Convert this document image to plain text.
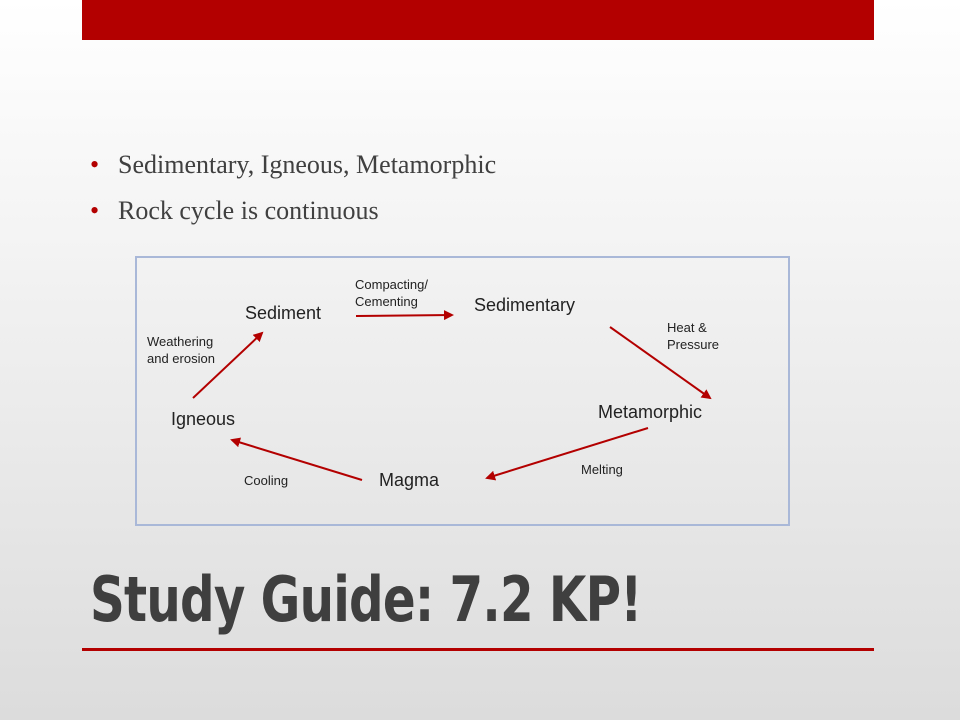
• Sedimentary, Igneous, Metamorphic
• Rock cycle is continuous
Sediment	Sedimentary
Metamorphic
Magma
Igneous
Compacting/
Cementing
Heat &
Pressure
Melting
Cooling
Weathering
and erosion
Study Guide: 7.2 KP!
